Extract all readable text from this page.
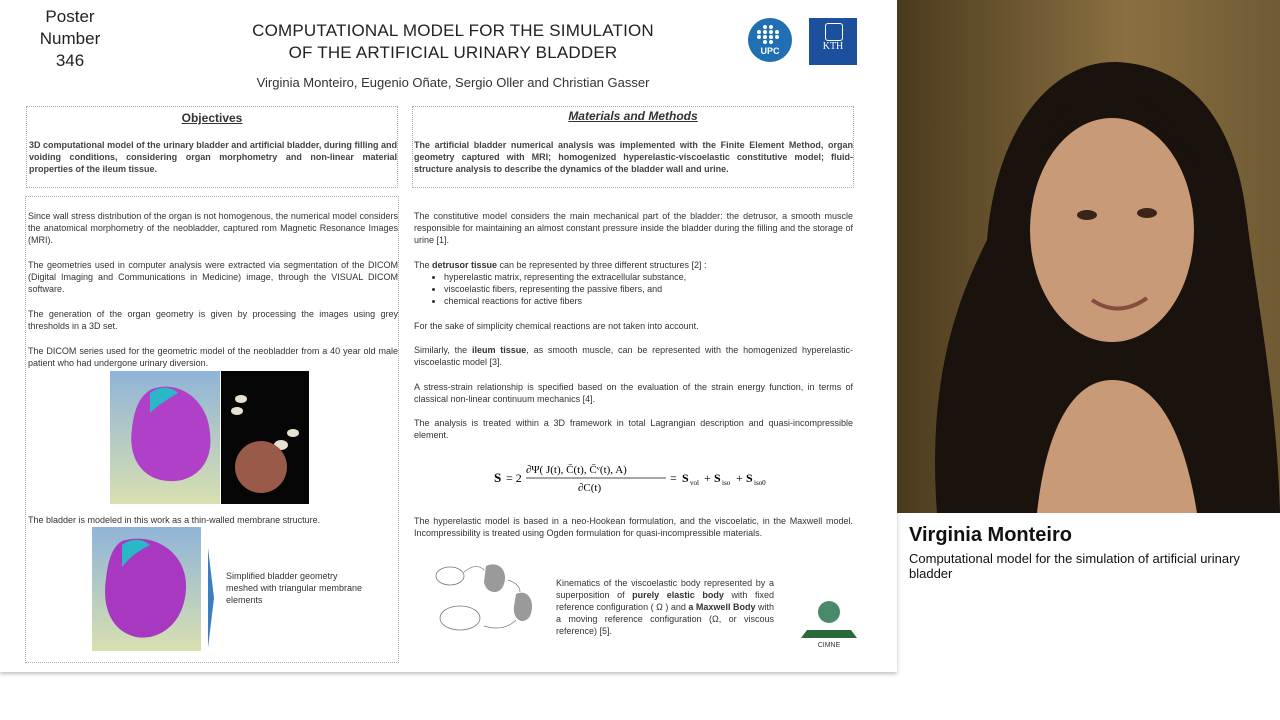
Poster
Number
346
COMPUTATIONAL MODEL FOR THE SIMULATION
OF THE ARTIFICIAL URINARY BLADDER
Virginia Monteiro, Eugenio Oñate, Sergio Oller and Christian Gasser
UPC	KTH
Objectives
3D computational model of the urinary bladder and artificial bladder, during filling and voiding conditions, considering organ morphometry and non-linear material properties of the ileum tissue.
Materials and Methods
The artificial bladder numerical analysis was implemented with the Finite Element Method, organ geometry captured with MRI; homogenized hyperelastic-viscoelastic constitutive model; fluid-structure analysis to describe the dynamics of the bladder wall and urine.
Since wall stress distribution of the organ is not homogenous, the numerical model considers the anatomical morphometry of the neobladder, captured rom Magnetic Resonance Images (MRI).
The geometries used in computer analysis were extracted via segmentation of the DICOM (Digital Imaging and Communications in Medicine) image, through the VISUAL DICOM software.
The generation of the organ geometry is given by processing the images using grey thresholds in a 3D set.
The DICOM series used for the geometric model of the neobladder from a 40 year old male patient who had undergone urinary diversion.
The bladder is modeled in this work as a thin-walled membrane structure.
Simplified bladder geometry meshed with triangular membrane elements
The constitutive model considers the main mechanical part of the bladder: the detrusor, a smooth muscle responsible for maintaining an almost constant pressure inside the bladder during the filling and the storage of urine [1].
The detrusor tissue can be represented by three different structures [2] :
• hyperelastic matrix, representing the extracellular substance,
• viscoelastic fibers, representing the passive fibers, and
• chemical reactions for active fibers
For the sake of simplicity chemical reactions are not taken into account.
Similarly, the ileum tissue, as smooth muscle, can be represented with the homogenized hyperelastic-viscoelastic model [3].
A stress-strain relationship is specified based on the evaluation of the strain energy function, in terms of classical non-linear continuum mechanics [4].
The analysis is treated within a 3D framework in total Lagrangian description and quasi-incompressible element.
S = 2
∂Ψ( J(t), C̄(t), C̄ᵛ(t), A)
∂C(t)
= S vol + S iso + S iso0
The hyperelastic model is based in a neo-Hookean formulation, and the viscoelatic, in the Maxwell model. Incompressibility is treated using Ogden formulation for quasi-incompressible materials.
Kinematics of the viscoelastic body represented by a superposition of purely elastic body with fixed reference configuration ( Ω ) and a Maxwell Body with a moving reference configuration (Ω, or viscous reference) [5].
CIMNE
Virginia Monteiro
Computational model for the simulation of artificial urinary bladder
